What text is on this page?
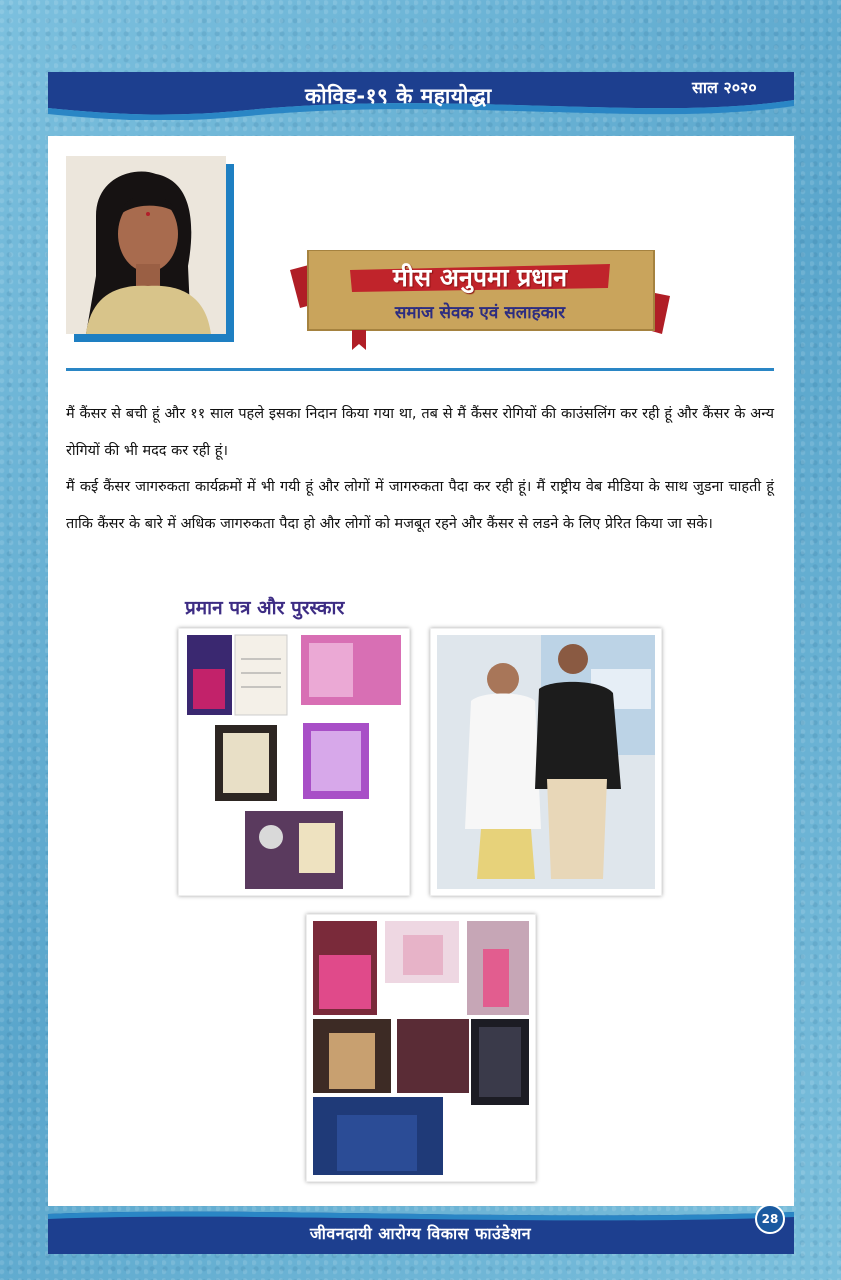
कोविड-१९ के महायोद्धा	साल २०२०
मीस अनुपमा प्रधान
समाज सेवक एवं सलाहकार

मैं कैंसर से बची हूं और ११ साल पहले इसका निदान किया गया था, तब से मैं कैंसर रोगियों की काउंसलिंग कर रही हूं और कैंसर के अन्य रोगियों की भी मदद कर रही हूं।

मैं कई कैंसर जागरुकता कार्यक्रमों में भी गयी हूं और लोगों में जागरुकता पैदा कर रही हूं। मैं राष्ट्रीय वेब मीडिया के साथ जुडना चाहती हूं ताकि कैंसर के बारे में अधिक जागरुकता पैदा हो और लोगों को मजबूत रहने और कैंसर से लडने के लिए प्रेरित किया जा सके।

प्रमान पत्र और पुरस्कार
जीवनदायी आरोग्य विकास फाउंडेशन
28
